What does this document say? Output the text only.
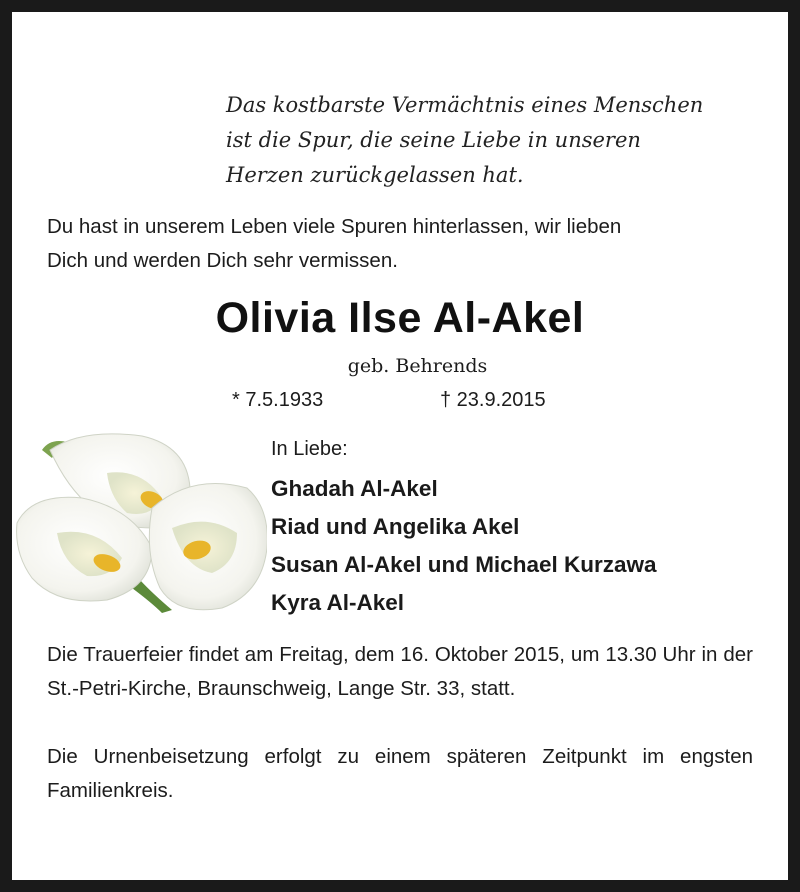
Das kostbarste Vermächtnis eines Menschen
ist die Spur, die seine Liebe in unseren
Herzen zurückgelassen hat.
Du hast in unserem Leben viele Spuren hinterlassen, wir lieben
Dich und werden Dich sehr vermissen.
Olivia Ilse Al-Akel
geb. Behrends
* 7.5.1933	† 23.9.2015
In Liebe:
Ghadah Al-Akel
Riad und Angelika Akel
Susan Al-Akel und Michael Kurzawa
Kyra Al-Akel
Die Trauerfeier findet am Freitag, dem 16. Oktober 2015, um 13.30 Uhr in der St.-Petri-Kirche, Braunschweig, Lange Str. 33, statt.
Die Urnenbeisetzung erfolgt zu einem späteren Zeitpunkt im engsten Familienkreis.
